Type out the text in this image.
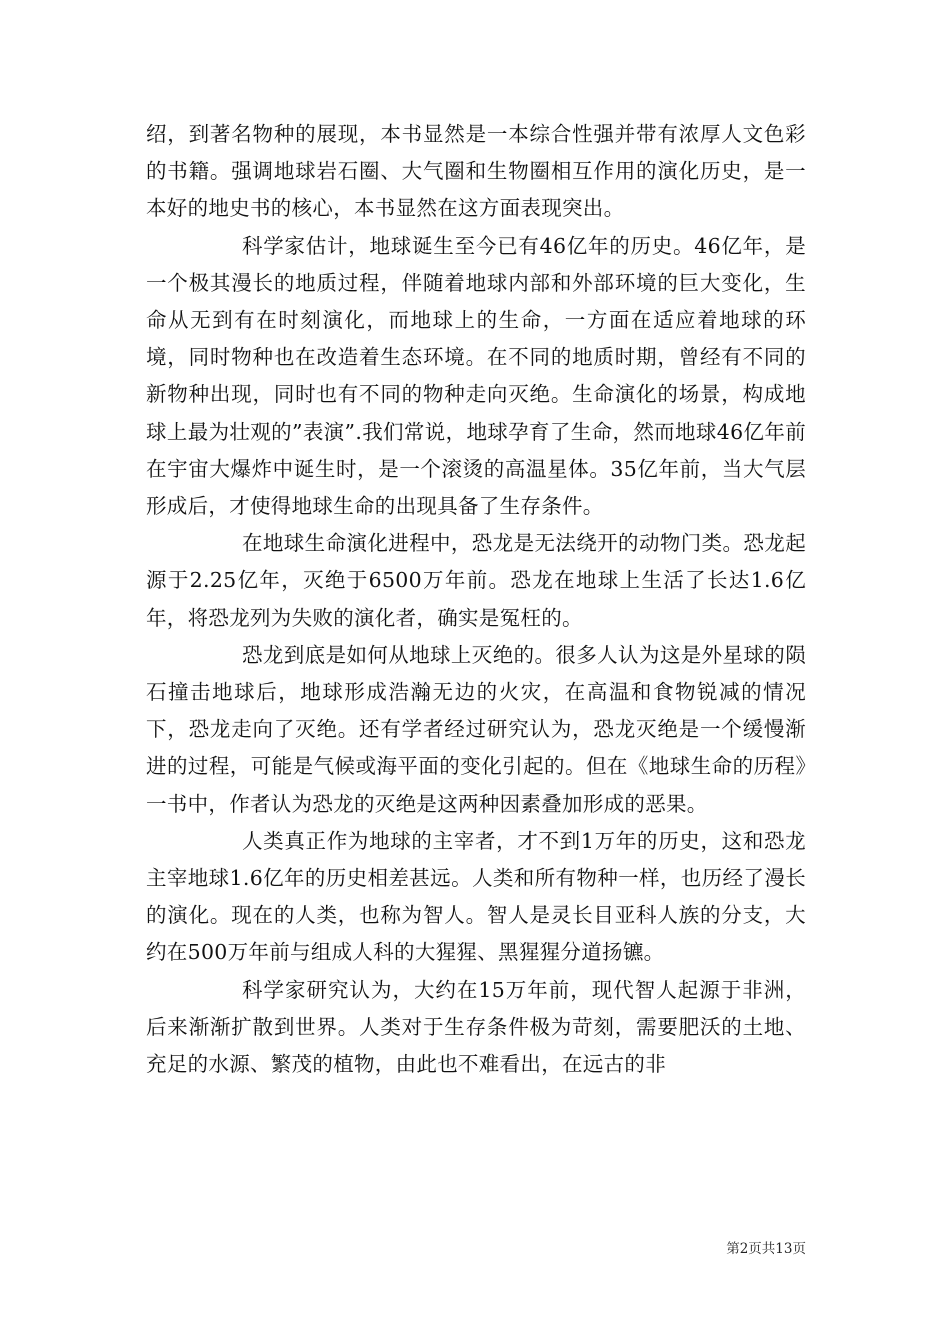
绍，到著名物种的展现，本书显然是一本综合性强并带有浓厚人文色彩的书籍。强调地球岩石圈、大气圈和生物圈相互作用的演化历史，是一本好的地史书的核心，本书显然在这方面表现突出。

科学家估计，地球诞生至今已有46亿年的历史。46亿年，是一个极其漫长的地质过程，伴随着地球内部和外部环境的巨大变化，生命从无到有在时刻演化，而地球上的生命，一方面在适应着地球的环境，同时物种也在改造着生态环境。在不同的地质时期，曾经有不同的新物种出现，同时也有不同的物种走向灭绝。生命演化的场景，构成地球上最为壮观的”表演”.我们常说，地球孕育了生命，然而地球46亿年前在宇宙大爆炸中诞生时，是一个滚烫的高温星体。35亿年前，当大气层形成后，才使得地球生命的出现具备了生存条件。

在地球生命演化进程中，恐龙是无法绕开的动物门类。恐龙起源于2.25亿年，灭绝于6500万年前。恐龙在地球上生活了长达1.6亿年，将恐龙列为失败的演化者，确实是冤枉的。

恐龙到底是如何从地球上灭绝的。很多人认为这是外星球的陨石撞击地球后，地球形成浩瀚无边的火灾，在高温和食物锐减的情况下，恐龙走向了灭绝。还有学者经过研究认为，恐龙灭绝是一个缓慢渐进的过程，可能是气候或海平面的变化引起的。但在《地球生命的历程》一书中，作者认为恐龙的灭绝是这两种因素叠加形成的恶果。

人类真正作为地球的主宰者，才不到1万年的历史，这和恐龙主宰地球1.6亿年的历史相差甚远。人类和所有物种一样，也历经了漫长的演化。现在的人类，也称为智人。智人是灵长目亚科人族的分支，大约在500万年前与组成人科的大猩猩、黑猩猩分道扬镳。

科学家研究认为，大约在15万年前，现代智人起源于非洲，后来渐渐扩散到世界。人类对于生存条件极为苛刻，需要肥沃的土地、充足的水源、繁茂的植物，由此也不难看出，在远古的非

第2页共13页
